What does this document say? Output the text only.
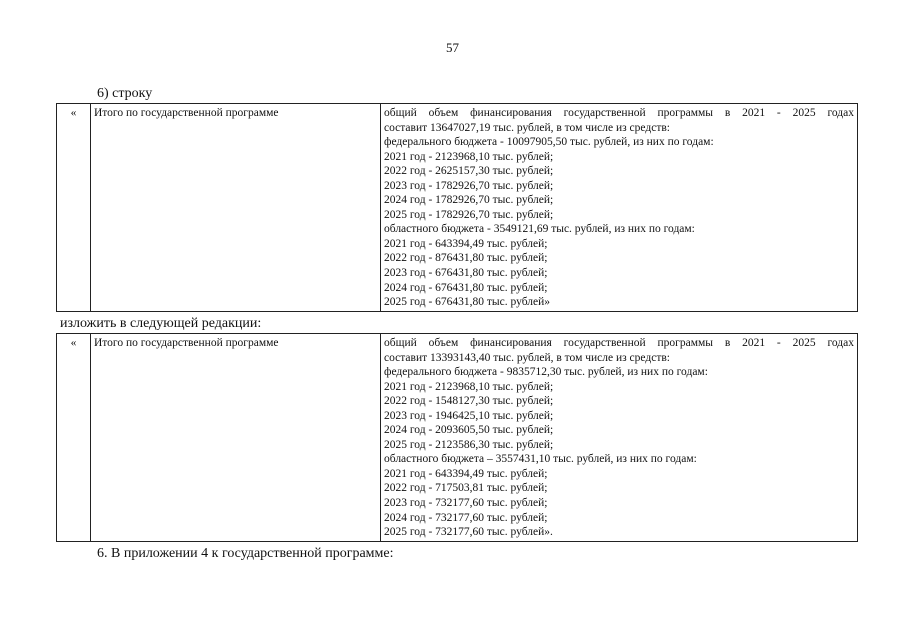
57
6) строку
«	Итого по государственной программе	общий объем финансирования государственной программы в 2021 - 2025 годах
составит 13647027,19 тыс. рублей, в том числе из средств:
федерального бюджета - 10097905,50 тыс. рублей, из них по годам:
2021 год - 2123968,10 тыс. рублей;
2022 год - 2625157,30 тыс. рублей;
2023 год - 1782926,70 тыс. рублей;
2024 год - 1782926,70 тыс. рублей;
2025 год - 1782926,70 тыс. рублей;
областного бюджета - 3549121,69 тыс. рублей, из них по годам:
2021 год - 643394,49 тыс. рублей;
2022 год - 876431,80 тыс. рублей;
2023 год - 676431,80 тыс. рублей;
2024 год - 676431,80 тыс. рублей;
2025 год - 676431,80 тыс. рублей»
изложить в следующей редакции:
«	Итого по государственной программе	общий объем финансирования государственной программы в 2021 - 2025 годах
составит 13393143,40 тыс. рублей, в том числе из средств:
федерального бюджета - 9835712,30 тыс. рублей, из них по годам:
2021 год - 2123968,10 тыс. рублей;
2022 год - 1548127,30 тыс. рублей;
2023 год - 1946425,10 тыс. рублей;
2024 год - 2093605,50 тыс. рублей;
2025 год - 2123586,30 тыс. рублей;
областного бюджета – 3557431,10 тыс. рублей, из них по годам:
2021 год - 643394,49 тыс. рублей;
2022 год - 717503,81 тыс. рублей;
2023 год - 732177,60 тыс. рублей;
2024 год - 732177,60 тыс. рублей;
2025 год - 732177,60 тыс. рублей».
6. В приложении 4 к государственной программе:
